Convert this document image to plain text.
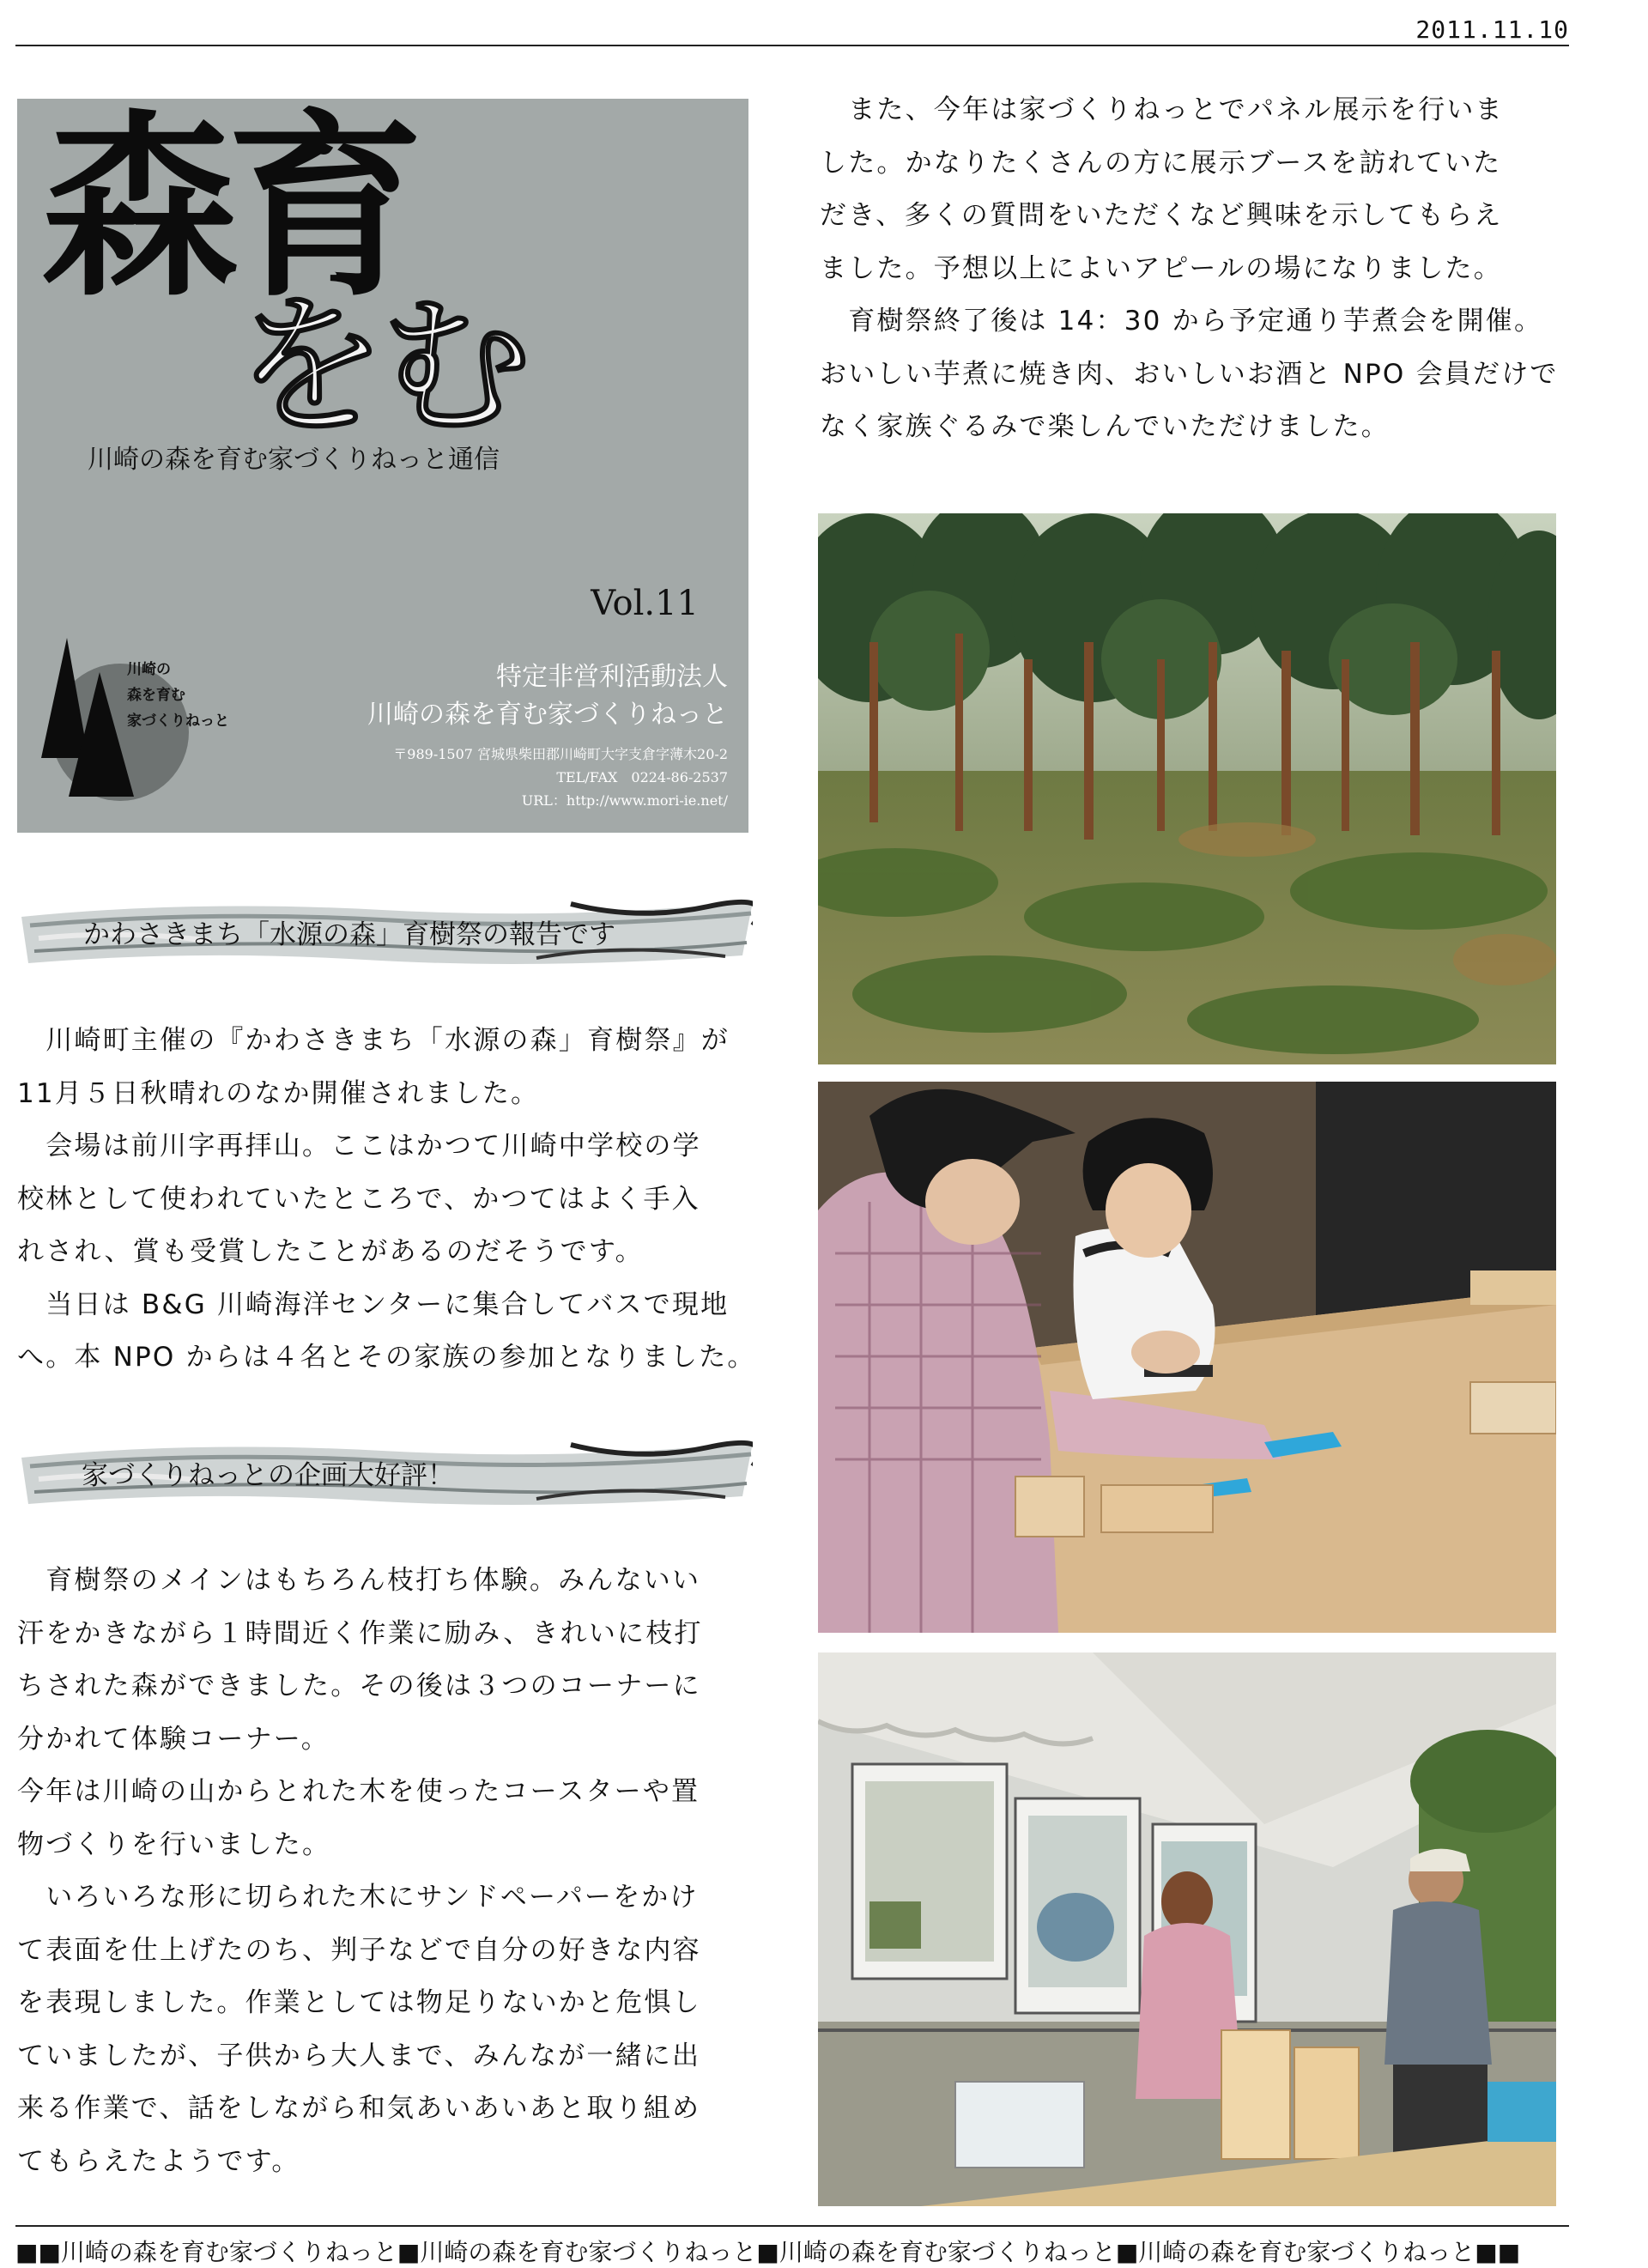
2011.11.10
森育
をむ
川崎の森を育む家づくりねっと通信
Vol.11
川崎の
森を育む
家づくりねっと
特定非営利活動法人
川崎の森を育む家づくりねっと
〒989-1507 宮城県柴田郡川崎町大字支倉字薄木20-2
TEL/FAX　0224-86-2537
URL：http://www.mori-ie.net/
かわさきまち「水源の森」育樹祭の報告です
　川崎町主催の『かわさきまち「水源の森」育樹祭』が
11月５日秋晴れのなか開催されました。
　会場は前川字再拝山。ここはかつて川崎中学校の学
校林として使われていたところで、かつてはよく手入
れされ、賞も受賞したことがあるのだそうです。
　当日は B&G 川崎海洋センターに集合してバスで現地
へ。本 NPO からは４名とその家族の参加となりました。
家づくりねっとの企画大好評！
　育樹祭のメインはもちろん枝打ち体験。みんないい
汗をかきながら１時間近く作業に励み、きれいに枝打
ちされた森ができました。その後は３つのコーナーに
分かれて体験コーナー。
今年は川崎の山からとれた木を使ったコースターや置
物づくりを行いました。
　いろいろな形に切られた木にサンドペーパーをかけ
て表面を仕上げたのち、判子などで自分の好きな内容
を表現しました。作業としては物足りないかと危惧し
ていましたが、子供から大人まで、みんなが一緒に出
来る作業で、話をしながら和気あいあいあと取り組め
てもらえたようです。
　また、今年は家づくりねっとでパネル展示を行いま
した。かなりたくさんの方に展示ブースを訪れていた
だき、多くの質問をいただくなど興味を示してもらえ
ました。予想以上によいアピールの場になりました。
　育樹祭終了後は 14：30 から予定通り芋煮会を開催。
おいしい芋煮に焼き肉、おいしいお酒と NPO 会員だけで
なく家族ぐるみで楽しんでいただけました。
■■川崎の森を育む家づくりねっと■川崎の森を育む家づくりねっと■川崎の森を育む家づくりねっと■川崎の森を育む家づくりねっと■■
